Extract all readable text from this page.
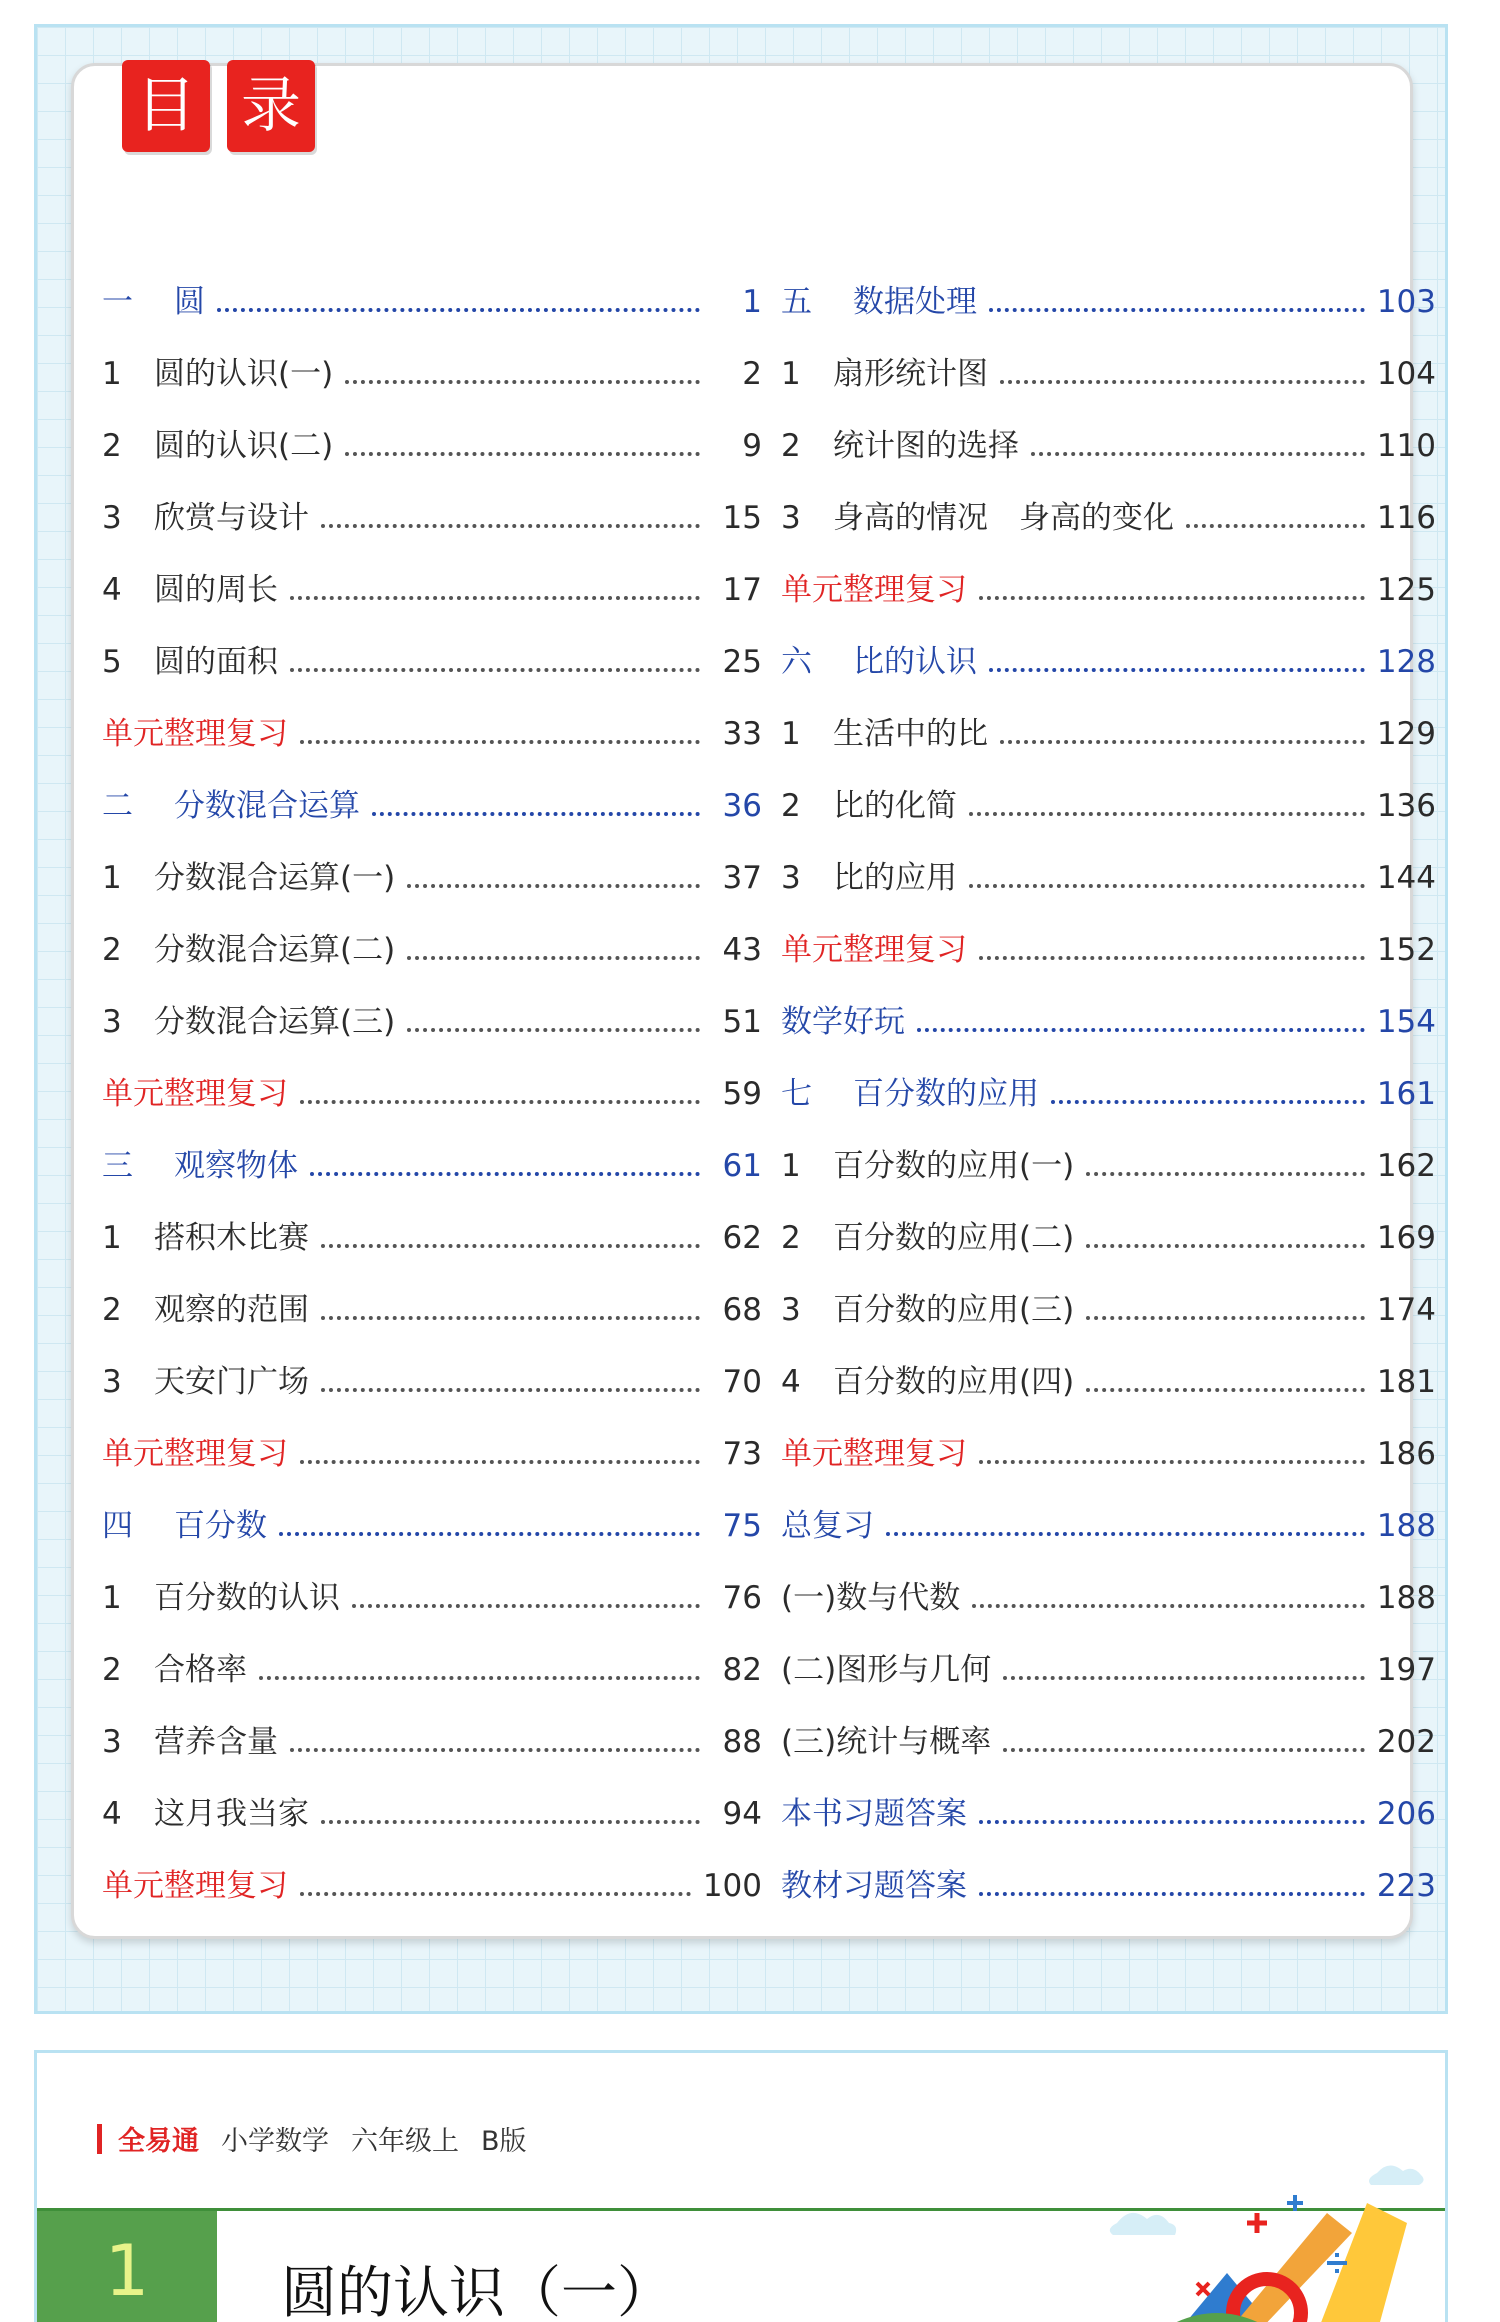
目 录
一	圆	1
1	圆的认识(一)	2
2	圆的认识(二)	9
3	欣赏与设计	15
4	圆的周长	17
5	圆的面积	25
单元整理复习	33
二	分数混合运算	36
1	分数混合运算(一)	37
2	分数混合运算(二)	43
3	分数混合运算(三)	51
单元整理复习	59
三	观察物体	61
1	搭积木比赛	62
2	观察的范围	68
3	天安门广场	70
单元整理复习	73
四	百分数	75
1	百分数的认识	76
2	合格率	82
3	营养含量	88
4	这月我当家	94
单元整理复习	100
五	数据处理	103
1	扇形统计图	104
2	统计图的选择	110
3	身高的情况　身高的变化	116
单元整理复习	125
六	比的认识	128
1	生活中的比	129
2	比的化简	136
3	比的应用	144
单元整理复习	152
数学好玩	154
七	百分数的应用	161
1	百分数的应用(一)	162
2	百分数的应用(二)	169
3	百分数的应用(三)	174
4	百分数的应用(四)	181
单元整理复习	186
总复习	188
(一)数与代数	188
(二)图形与几何	197
(三)统计与概率	202
本书习题答案	206
教材习题答案	223
全易通 小学数学 六年级上 B版
1	圆的认识（一）
